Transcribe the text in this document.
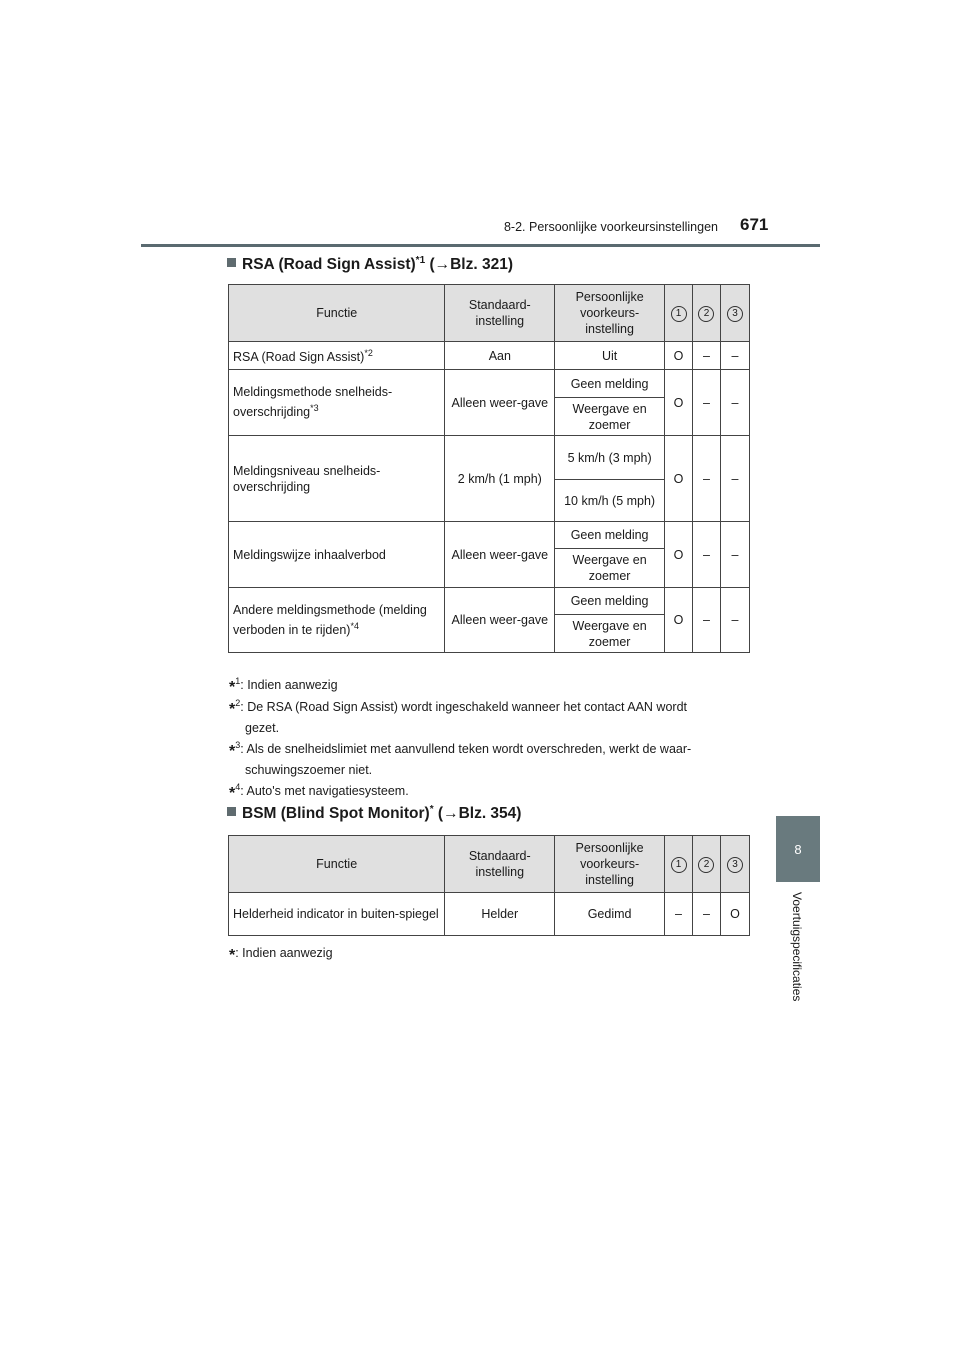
8-2. Persoonlijke voorkeursinstellingen 671
8
Voertuigspecificaties
RSA (Road Sign Assist)$^{*1}$ (→Blz. 321)
Functie	Standaard-instelling	Persoonlijke voorkeurs-instelling	1	2	3
RSA (Road Sign Assist)$^{*2}$	Aan	Uit	O	–	–
Meldingsmethode snelheids-overschrijding$^{*3}$	Alleen weer-gave	Geen melding	O	–	–
		Weergave en zoemer			
Meldingsniveau snelheids-overschrijding	2 km/h (1 mph)	5 km/h (3 mph)	O	–	–
		10 km/h (5 mph)			
Meldingswijze inhaalverbod	Alleen weer-gave	Geen melding	O	–	–
		Weergave en zoemer			
Andere meldingsmethode (melding verboden in te rijden)$^{*4}$	Alleen weer-gave	Geen melding	O	–	–
		Weergave en zoemer			
*$^1$: Indien aanwezig
*$^2$: De RSA (Road Sign Assist) wordt ingeschakeld wanneer het contact AAN wordt
gezet.
*$^3$: Als de snelheidslimiet met aanvullend teken wordt overschreden, werkt de waar-
schuwingszoemer niet.
*$^4$: Auto's met navigatiesysteem.
BSM (Blind Spot Monitor)* (→Blz. 354)
Functie	Standaard-instelling	Persoonlijke voorkeurs-instelling	1	2	3
Helderheid indicator in buiten-spiegel	Helder	Gedimd	–	–	O
*: Indien aanwezig
